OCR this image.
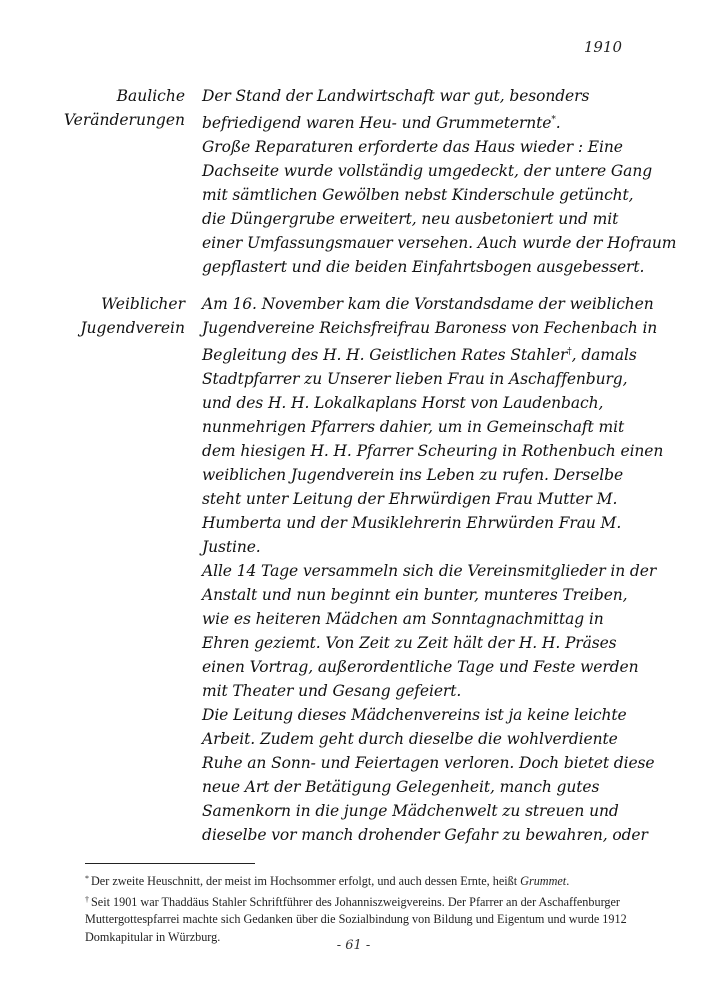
1910
Bauliche
Veränderungen
Der Stand der Landwirtschaft war gut, besonders
befriedigend waren Heu- und Grummeternte*.
Große Reparaturen erforderte das Haus wieder : Eine
Dachseite wurde vollständig umgedeckt, der untere Gang
mit sämtlichen Gewölben nebst Kinderschule getüncht,
die Düngergrube erweitert, neu ausbetoniert und mit
einer Umfassungsmauer versehen. Auch wurde der Hofraum
gepflastert und die beiden Einfahrtsbogen ausgebessert.
Weiblicher
Jugendverein
Am 16. November kam die Vorstandsdame der weiblichen
Jugendvereine Reichsfreifrau Baroness von Fechenbach in
Begleitung des H. H. Geistlichen Rates Stahler†, damals
Stadtpfarrer zu Unserer lieben Frau in Aschaffenburg,
und des H. H. Lokalkaplans Horst von Laudenbach,
nunmehrigen Pfarrers dahier, um in Gemeinschaft mit
dem hiesigen H. H. Pfarrer Scheuring in Rothenbuch einen
weiblichen Jugendverein ins Leben zu rufen. Derselbe
steht unter Leitung der Ehrwürdigen Frau Mutter M.
Humberta und der Musiklehrerin Ehrwürden Frau M.
Justine.
Alle 14 Tage versammeln sich die Vereinsmitglieder in der
Anstalt und nun beginnt ein bunter, munteres Treiben,
wie es heiteren Mädchen am Sonntagnachmittag in
Ehren geziemt. Von Zeit zu Zeit hält der H. H. Präses
einen Vortrag, außerordentliche Tage und Feste werden
mit Theater und Gesang gefeiert.
Die Leitung dieses Mädchenvereins ist ja keine leichte
Arbeit. Zudem geht durch dieselbe die wohlverdiente
Ruhe an Sonn- und Feiertagen verloren. Doch bietet diese
neue Art der Betätigung Gelegenheit, manch gutes
Samenkorn in die junge Mädchenwelt zu streuen und
dieselbe vor manch drohender Gefahr zu bewahren, oder
* Der zweite Heuschnitt, der meist im Hochsommer erfolgt, und auch dessen Ernte, heißt Grummet.
† Seit 1901 war Thaddäus Stahler Schriftführer des Johanniszweigvereins. Der Pfarrer an der Aschaffenburger Muttergottespfarrei machte sich Gedanken über die Sozialbindung von Bildung und Eigentum und wurde 1912 Domkapitular in Würzburg.
- 61 -
